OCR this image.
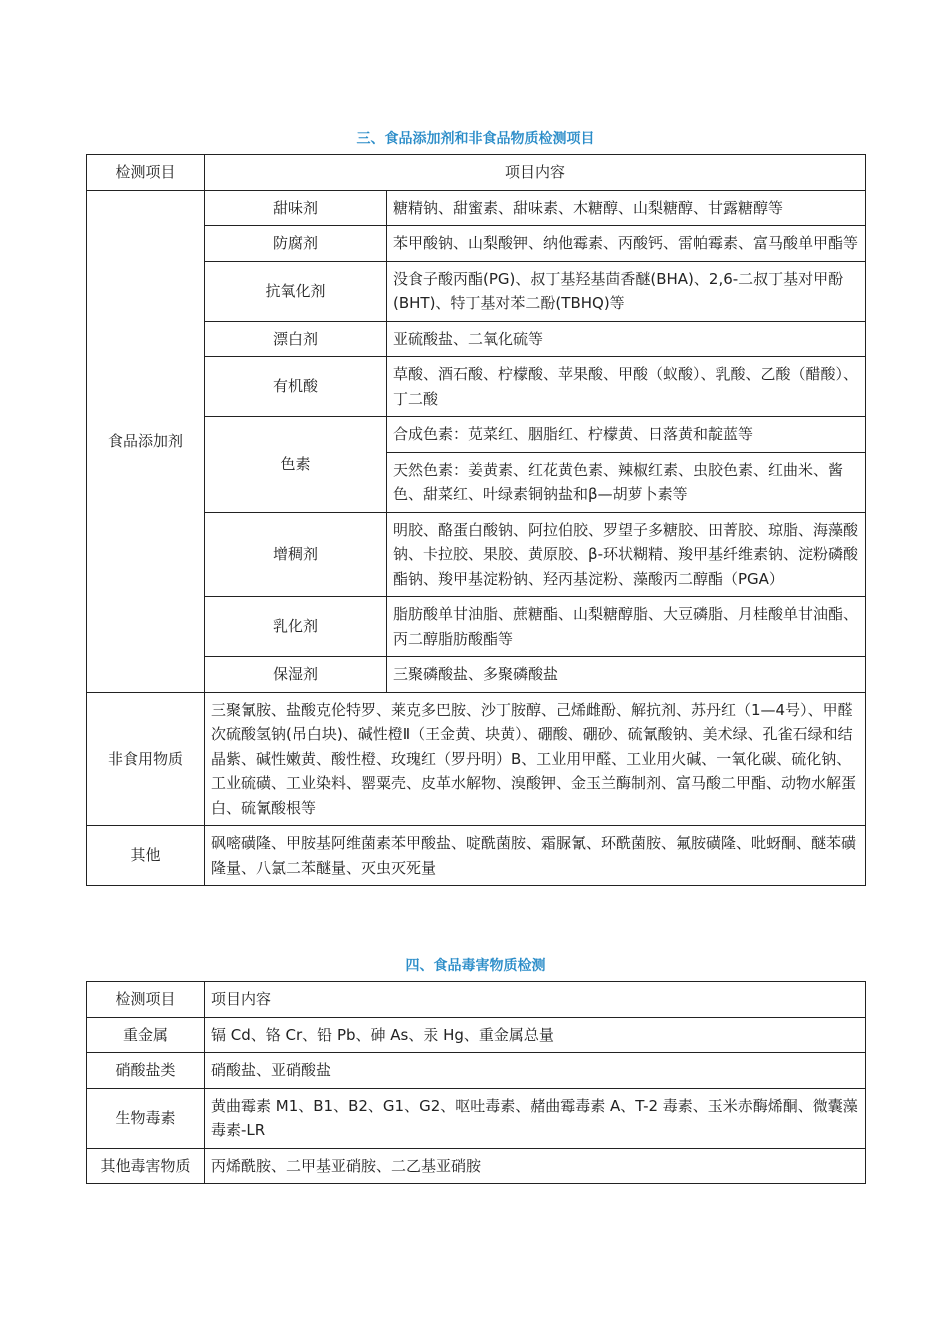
三、食品添加剂和非食品物质检测项目
检测项目	项目内容	
食品添加剂	甜味剂	糖精钠、甜蜜素、甜味素、木糖醇、山梨糖醇、甘露糖醇等
	防腐剂	苯甲酸钠、山梨酸钾、纳他霉素、丙酸钙、雷帕霉素、富马酸单甲酯等
	抗氧化剂	没食子酸丙酯(PG)、叔丁基羟基茴香醚(BHA)、2,6-二叔丁基对甲酚(BHT)、特丁基对苯二酚(TBHQ)等
	漂白剂	亚硫酸盐、二氧化硫等
	有机酸	草酸、酒石酸、柠檬酸、苹果酸、甲酸（蚁酸）、乳酸、乙酸（醋酸）、丁二酸
	色素	合成色素：苋菜红、胭脂红、柠檬黄、日落黄和靛蓝等
		天然色素：姜黄素、红花黄色素、辣椒红素、虫胶色素、红曲米、酱色、甜菜红、叶绿素铜钠盐和β—胡萝卜素等
	增稠剂	明胶、酪蛋白酸钠、阿拉伯胶、罗望子多糖胶、田菁胶、琼脂、海藻酸钠、卡拉胶、果胶、黄原胶、β-环状糊精、羧甲基纤维素钠、淀粉磷酸酯钠、羧甲基淀粉钠、羟丙基淀粉、藻酸丙二醇酯（PGA）
	乳化剂	脂肪酸单甘油脂、蔗糖酯、山梨糖醇脂、大豆磷脂、月桂酸单甘油酯、丙二醇脂肪酸酯等
	保湿剂	三聚磷酸盐、多聚磷酸盐
非食用物质	三聚氰胺、盐酸克伦特罗、莱克多巴胺、沙丁胺醇、己烯雌酚、解抗剂、苏丹红（1—4号）、甲醛次硫酸氢钠(吊白块)、碱性橙Ⅱ（王金黄、块黄）、硼酸、硼砂、硫氰酸钠、美术绿、孔雀石绿和结晶紫、碱性嫩黄、酸性橙、玫瑰红（罗丹明）B、工业用甲醛、工业用火碱、一氧化碳、硫化钠、工业硫磺、工业染料、罂粟壳、皮革水解物、溴酸钾、金玉兰酶制剂、富马酸二甲酯、动物水解蛋白、硫氰酸根等	
其他	砜嘧磺隆、甲胺基阿维菌素苯甲酸盐、啶酰菌胺、霜脲氰、环酰菌胺、氟胺磺隆、吡蚜酮、醚苯磺隆量、八氯二苯醚量、灭虫灭死量	
四、食品毒害物质检测
检测项目	项目内容
重金属	镉 Cd、铬 Cr、铅 Pb、砷 As、汞 Hg、重金属总量
硝酸盐类	硝酸盐、亚硝酸盐
生物毒素	黄曲霉素 M1、B1、B2、G1、G2、呕吐毒素、赭曲霉毒素 A、T-2 毒素、玉米赤酶烯酮、微囊藻毒素-LR
其他毒害物质	丙烯酰胺、二甲基亚硝胺、二乙基亚硝胺
